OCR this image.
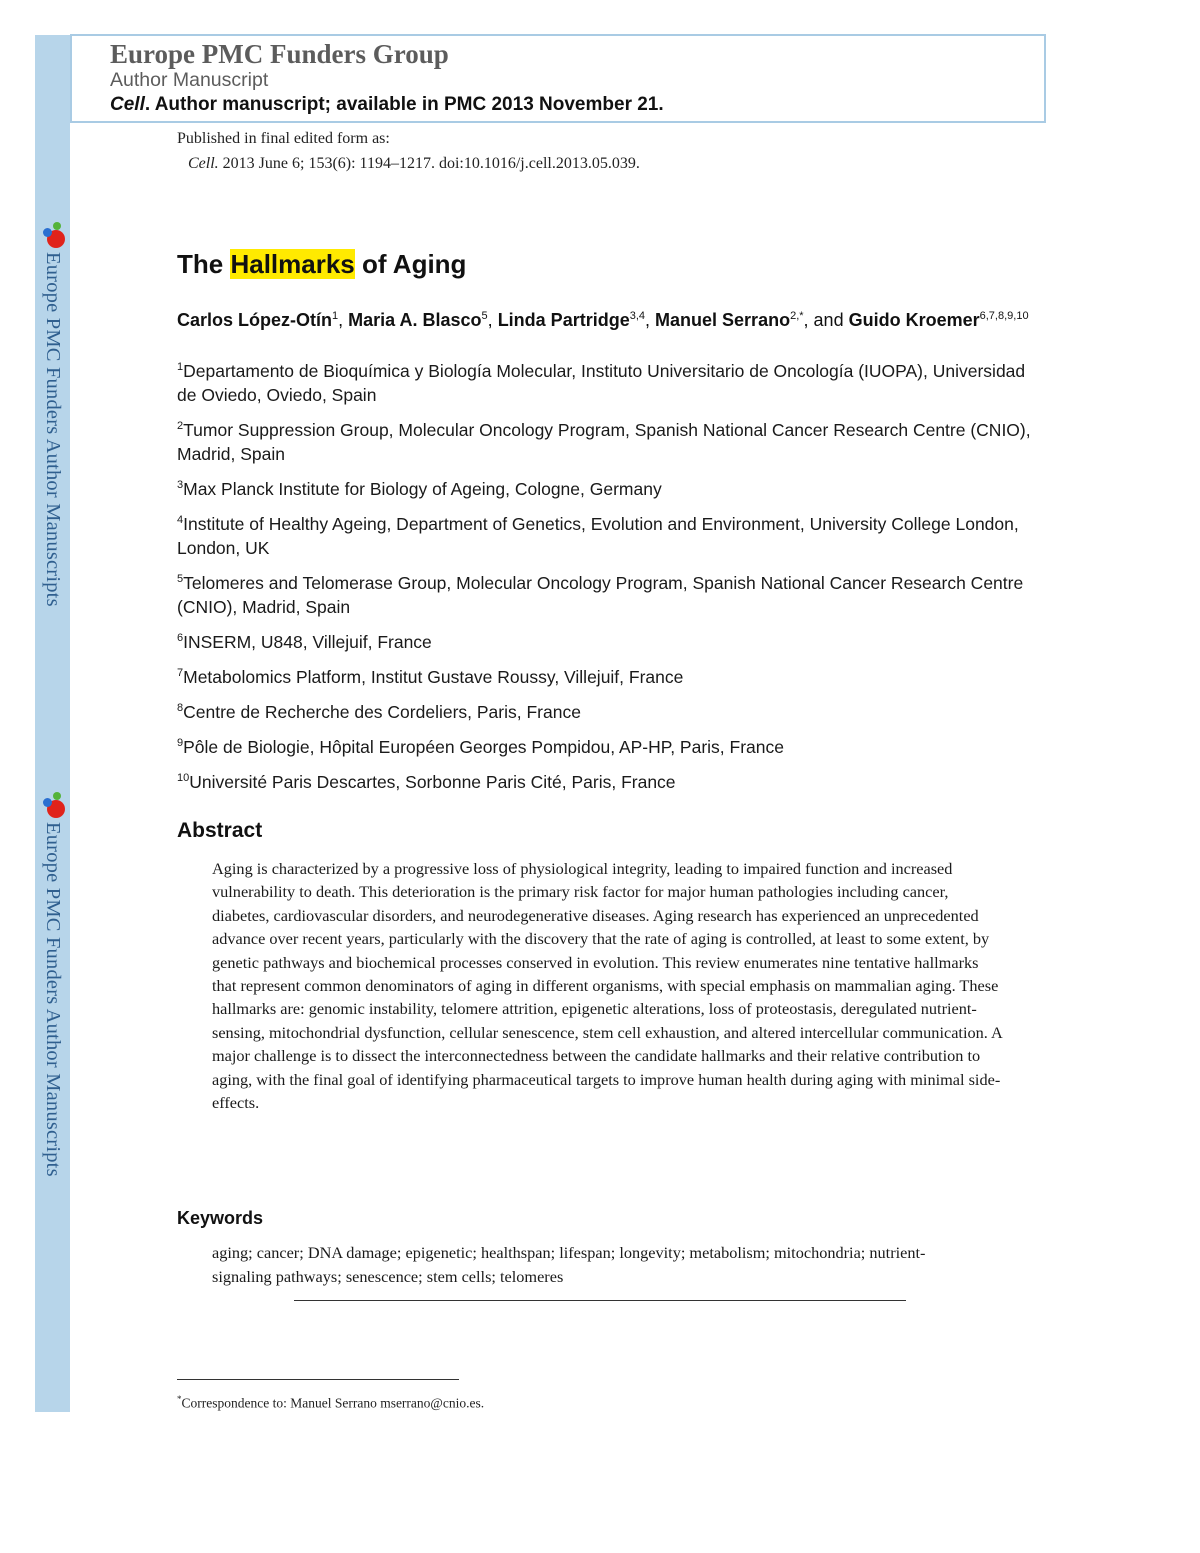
Europe PMC Funders Author Manuscripts
Europe PMC Funders Author Manuscripts
Europe PMC Funders Group
Author Manuscript
Cell. Author manuscript; available in PMC 2013 November 21.
Published in final edited form as:
Cell. 2013 June 6; 153(6): 1194–1217. doi:10.1016/j.cell.2013.05.039.
The Hallmarks of Aging
Carlos López-Otín$^1$, Maria A. Blasco$^5$, Linda Partridge$^{3,4}$, Manuel Serrano$^{2,*}$, and Guido Kroemer$^{6,7,8,9,10}$
$^1$Departamento de Bioquímica y Biología Molecular, Instituto Universitario de Oncología (IUOPA), Universidad de Oviedo, Oviedo, Spain
$^2$Tumor Suppression Group, Molecular Oncology Program, Spanish National Cancer Research Centre (CNIO), Madrid, Spain
$^3$Max Planck Institute for Biology of Ageing, Cologne, Germany
$^4$Institute of Healthy Ageing, Department of Genetics, Evolution and Environment, University College London, London, UK
$^5$Telomeres and Telomerase Group, Molecular Oncology Program, Spanish National Cancer Research Centre (CNIO), Madrid, Spain
$^6$INSERM, U848, Villejuif, France
$^7$Metabolomics Platform, Institut Gustave Roussy, Villejuif, France
$^8$Centre de Recherche des Cordeliers, Paris, France
$^9$Pôle de Biologie, Hôpital Européen Georges Pompidou, AP-HP, Paris, France
$^{10}$Université Paris Descartes, Sorbonne Paris Cité, Paris, France
Abstract
Aging is characterized by a progressive loss of physiological integrity, leading to impaired function and increased vulnerability to death. This deterioration is the primary risk factor for major human pathologies including cancer, diabetes, cardiovascular disorders, and neurodegenerative diseases. Aging research has experienced an unprecedented advance over recent years, particularly with the discovery that the rate of aging is controlled, at least to some extent, by genetic pathways and biochemical processes conserved in evolution. This review enumerates nine tentative hallmarks that represent common denominators of aging in different organisms, with special emphasis on mammalian aging. These hallmarks are: genomic instability, telomere attrition, epigenetic alterations, loss of proteostasis, deregulated nutrient-sensing, mitochondrial dysfunction, cellular senescence, stem cell exhaustion, and altered intercellular communication. A major challenge is to dissect the interconnectedness between the candidate hallmarks and their relative contribution to aging, with the final goal of identifying pharmaceutical targets to improve human health during aging with minimal side-effects.
Keywords
aging; cancer; DNA damage; epigenetic; healthspan; lifespan; longevity; metabolism; mitochondria; nutrient-signaling pathways; senescence; stem cells; telomeres
*Correspondence to: Manuel Serrano mserrano@cnio.es.
